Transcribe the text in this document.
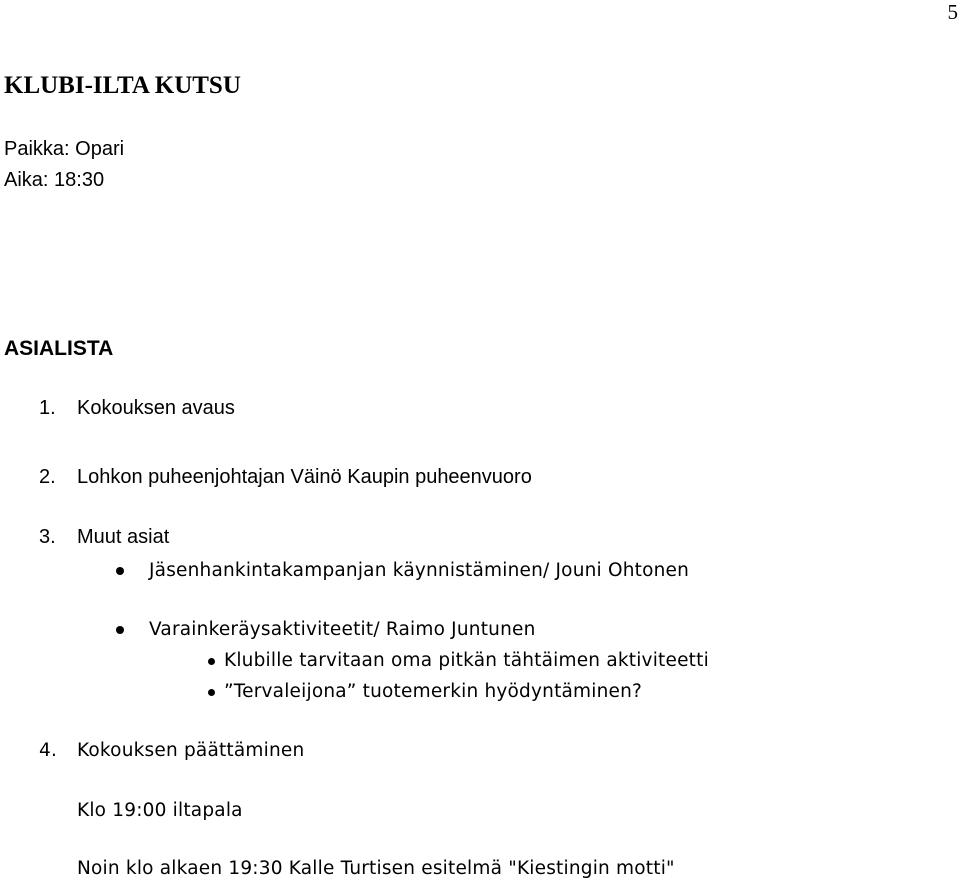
5
KLUBI-ILTA KUTSU
Paikka: Opari
Aika: 18:30
ASIALISTA
1. Kokouksen avaus
2. Lohkon puheenjohtajan Väinö Kaupin puheenvuoro
3. Muut asiat
Jäsenhankintakampanjan käynnistäminen/ Jouni Ohtonen
Varainkeräysaktiviteetit/ Raimo Juntunen
Klubille tarvitaan oma pitkän tähtäimen aktiviteetti
”Tervaleijona” tuotemerkin hyödyntäminen?
4. Kokouksen päättäminen
Klo 19:00 iltapala
Noin klo alkaen 19:30 Kalle Turtisen esitelmä "Kiestingin motti"
